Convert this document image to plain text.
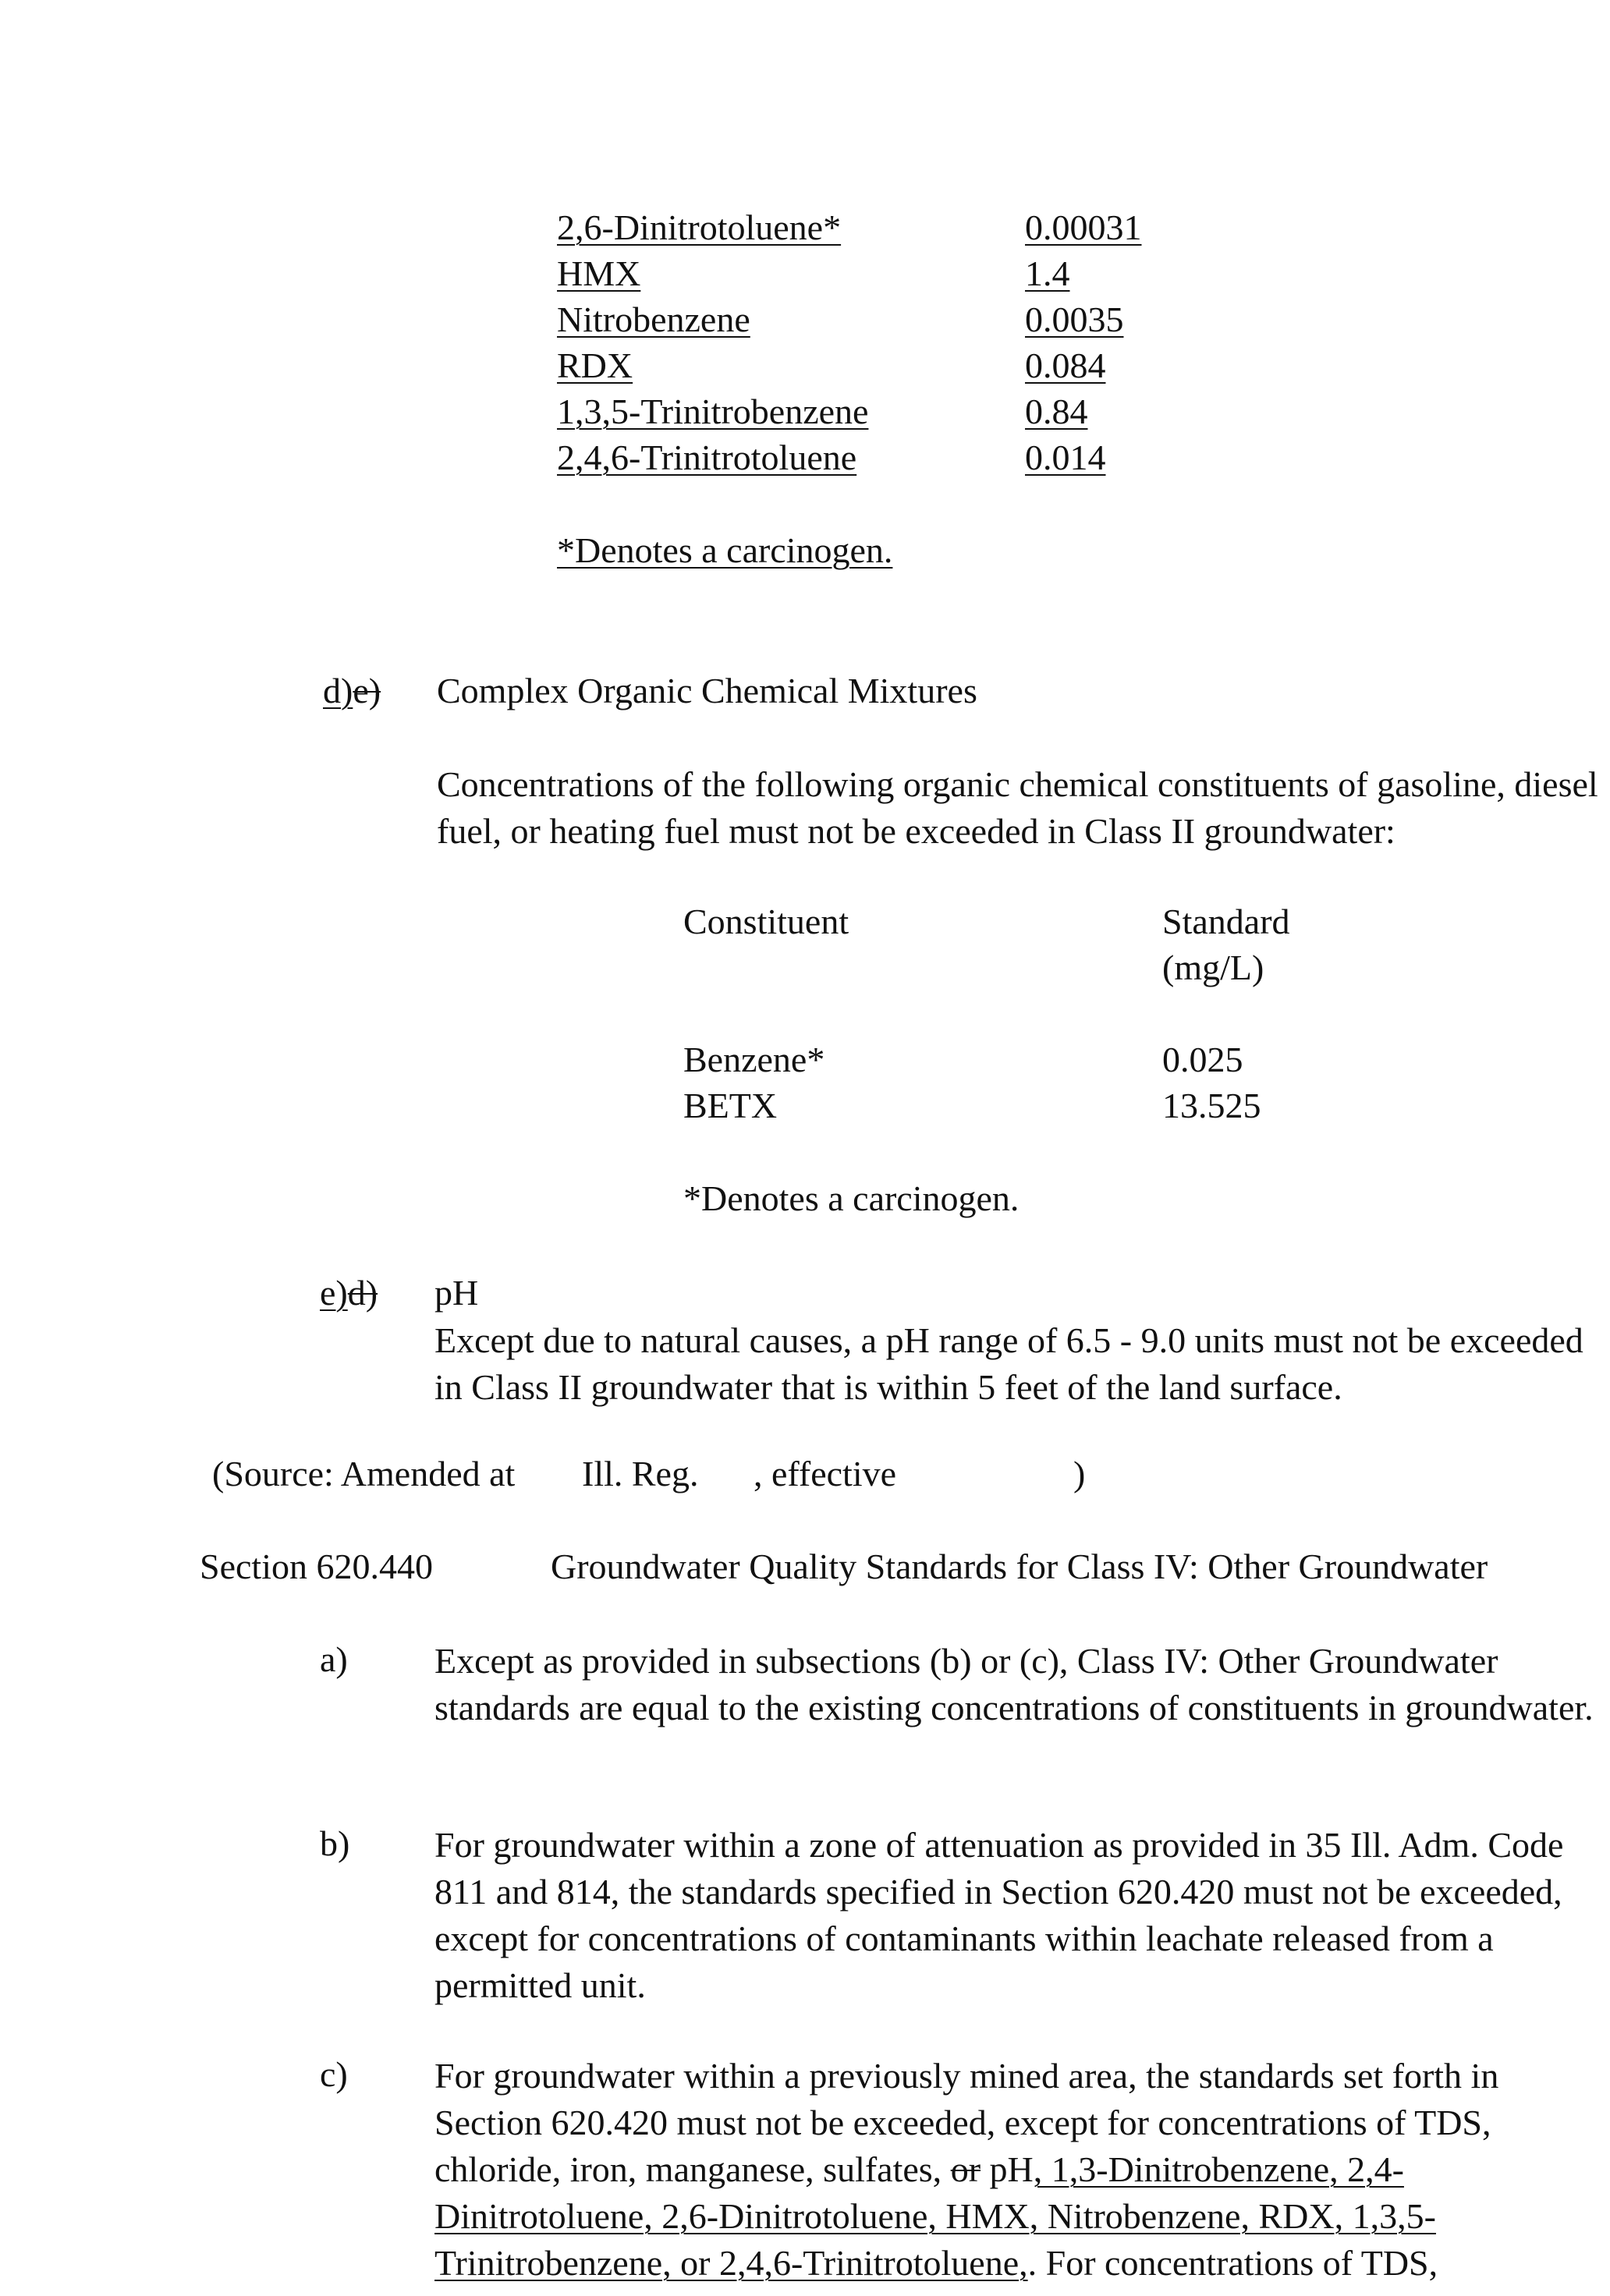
2,6-Dinitrotoluene*	0.00031
HMX	1.4
Nitrobenzene	0.0035
RDX	0.084
1,3,5-Trinitrobenzene	0.84
2,4,6-Trinitrotoluene	0.014
*Denotes a carcinogen.
d)e) Complex Organic Chemical Mixtures
Concentrations of the following organic chemical constituents of gasoline, diesel fuel, or heating fuel must not be exceeded in Class II groundwater:
Constituent	Standard
(mg/L)
Benzene*	0.025
BETX	13.525
*Denotes a carcinogen.
e)d) pH
Except due to natural causes, a pH range of 6.5 - 9.0 units must not be exceeded in Class II groundwater that is within 5 feet of the land surface.
(Source: Amended at Ill. Reg. , effective	)
Section 620.440	Groundwater Quality Standards for Class IV: Other Groundwater
a) Except as provided in subsections (b) or (c), Class IV: Other Groundwater standards are equal to the existing concentrations of constituents in groundwater.
b) For groundwater within a zone of attenuation as provided in 35 Ill. Adm. Code 811 and 814, the standards specified in Section 620.420 must not be exceeded, except for concentrations of contaminants within leachate released from a permitted unit.
c) For groundwater within a previously mined area, the standards set forth in Section 620.420 must not be exceeded, except for concentrations of TDS, chloride, iron, manganese, sulfates, or pH, 1,3-Dinitrobenzene, 2,4-Dinitrotoluene, 2,6-Dinitrotoluene, HMX, Nitrobenzene, RDX, 1,3,5-Trinitrobenzene, or 2,4,6-Trinitrotoluene,. For concentrations of TDS,
